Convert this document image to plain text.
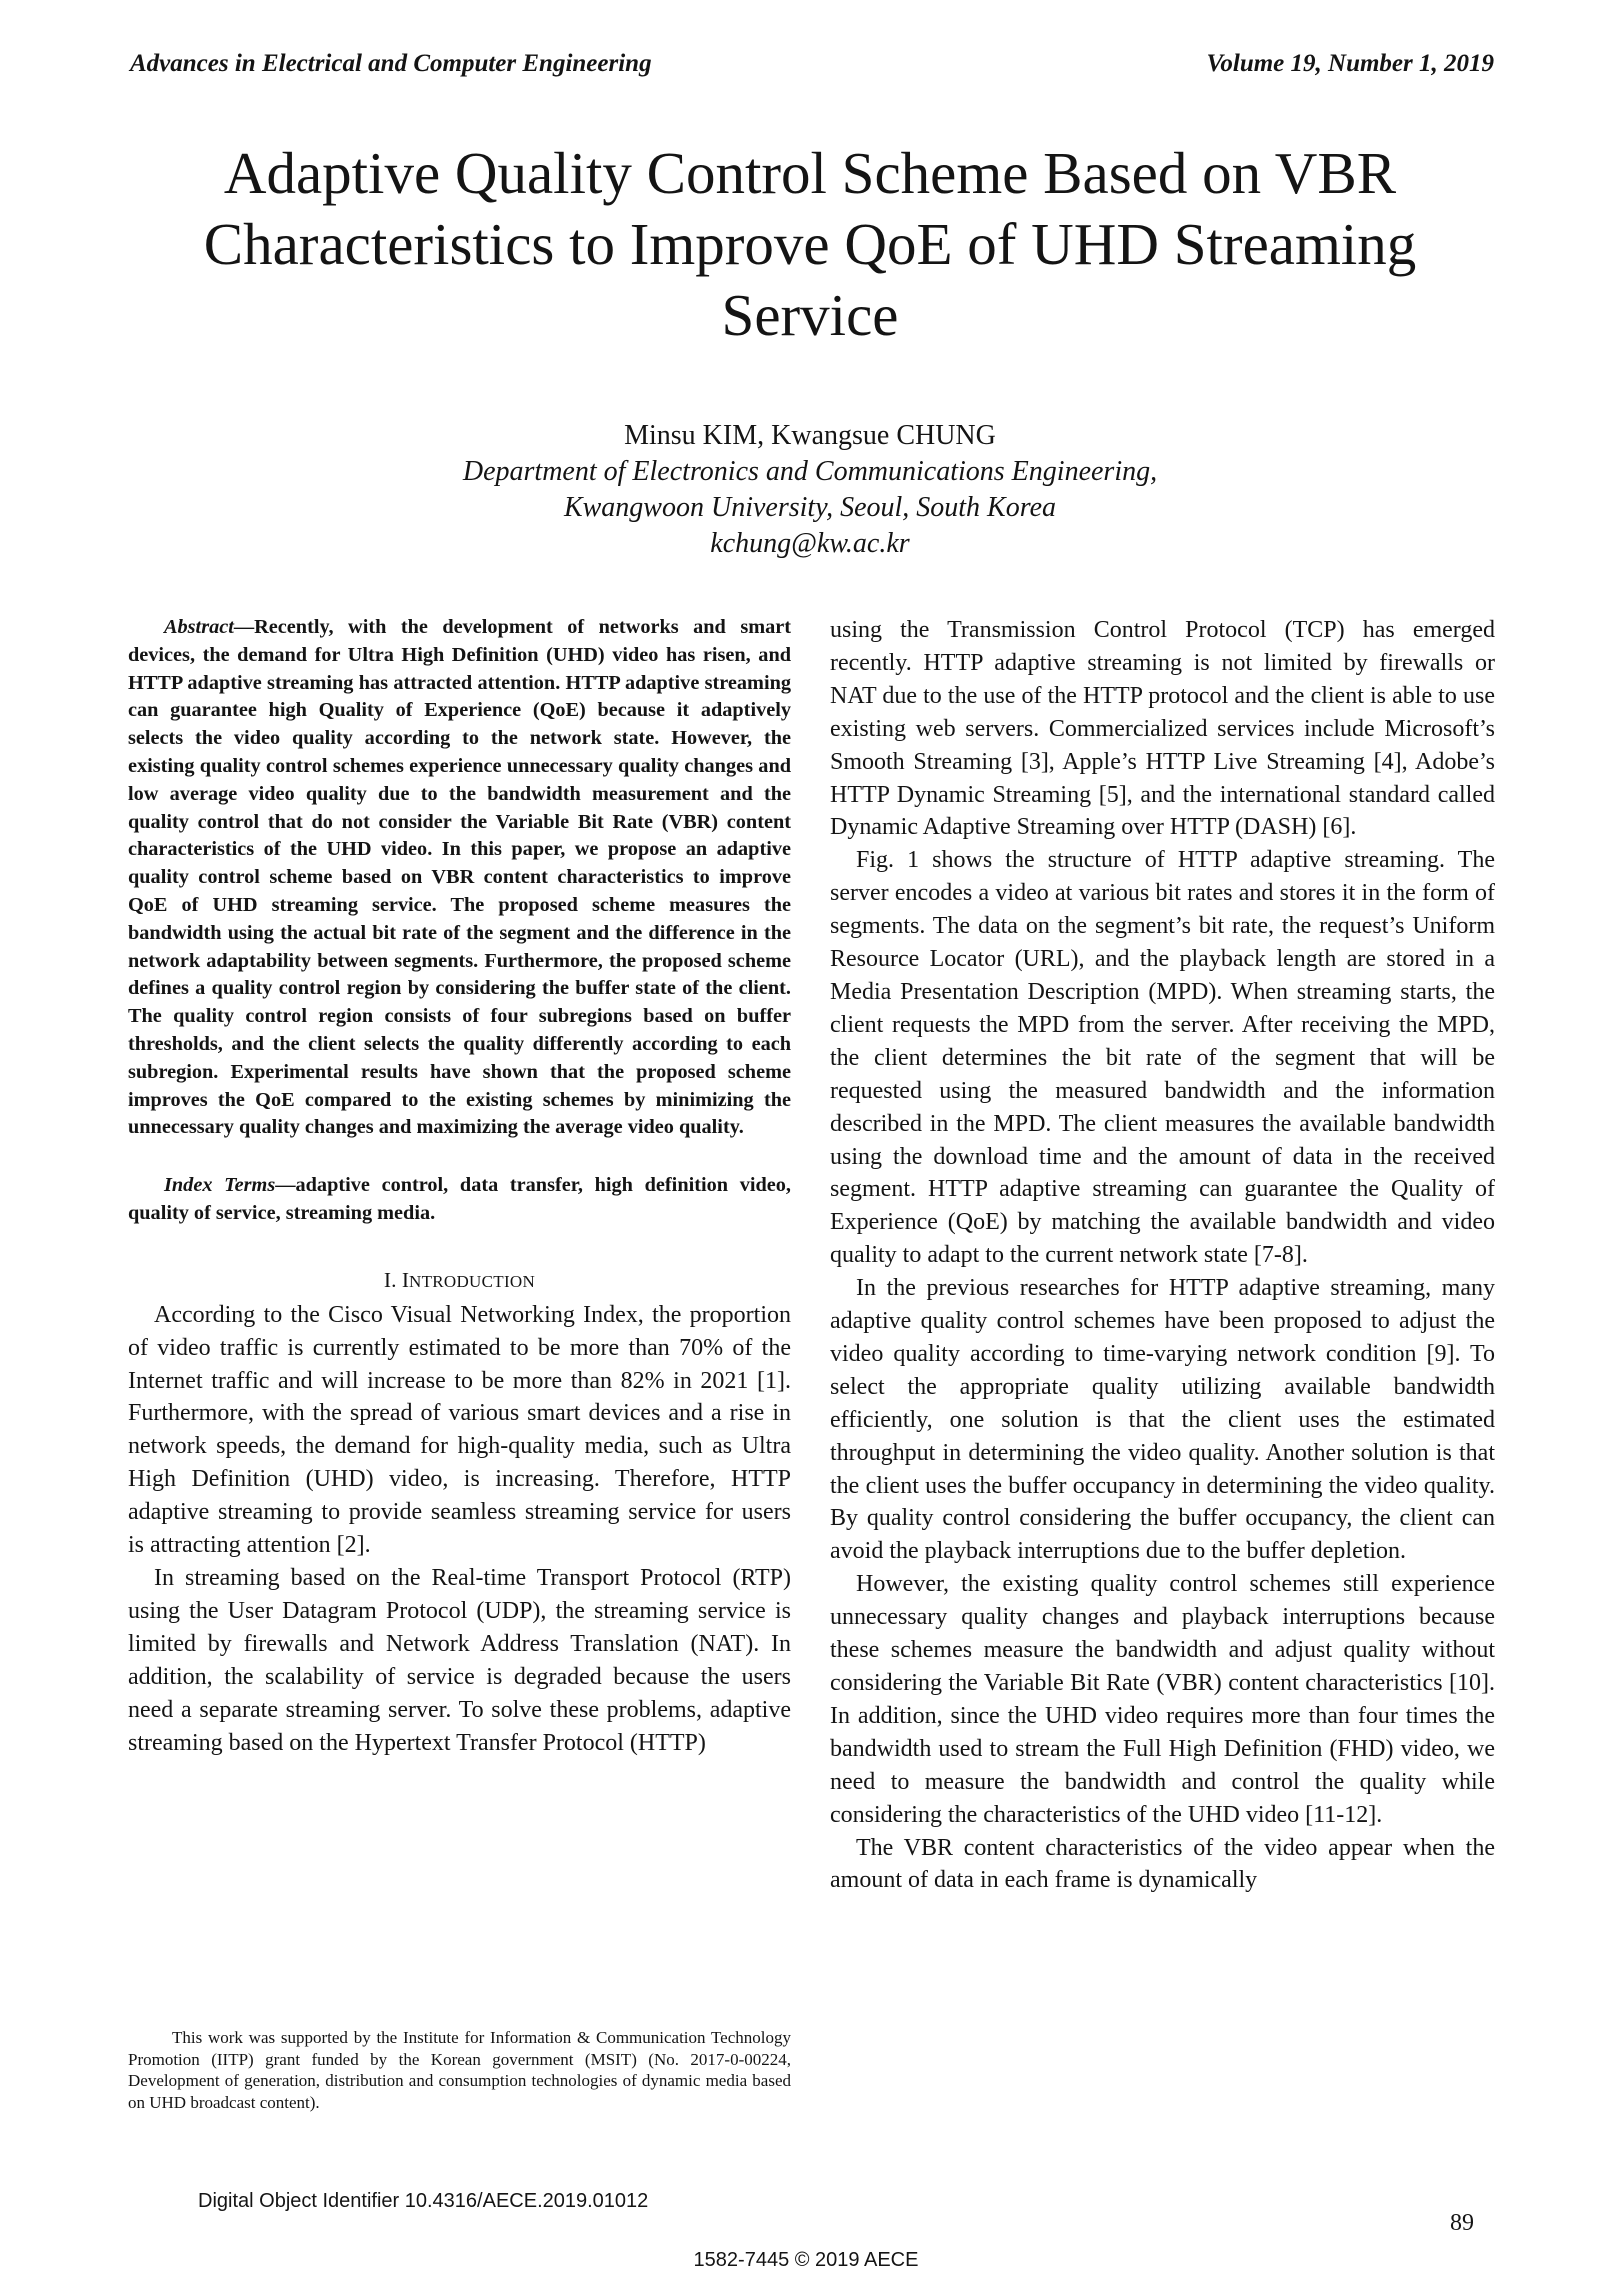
Advances in Electrical and Computer Engineering	Volume 19, Number 1, 2019
Adaptive Quality Control Scheme Based on VBR Characteristics to Improve QoE of UHD Streaming Service
Minsu KIM, Kwangsue CHUNG
Department of Electronics and Communications Engineering,
Kwangwoon University, Seoul, South Korea
kchung@kw.ac.kr

Abstract—Recently, with the development of networks and smart devices, the demand for Ultra High Definition (UHD) video has risen, and HTTP adaptive streaming has attracted attention. HTTP adaptive streaming can guarantee high Quality of Experience (QoE) because it adaptively selects the video quality according to the network state. However, the existing quality control schemes experience unnecessary quality changes and low average video quality due to the bandwidth measurement and the quality control that do not consider the Variable Bit Rate (VBR) content characteristics of the UHD video. In this paper, we propose an adaptive quality control scheme based on VBR content characteristics to improve QoE of UHD streaming service. The proposed scheme measures the bandwidth using the actual bit rate of the segment and the difference in the network adaptability between segments. Furthermore, the proposed scheme defines a quality control region by considering the buffer state of the client. The quality control region consists of four subregions based on buffer thresholds, and the client selects the quality differently according to each subregion. Experimental results have shown that the proposed scheme improves the QoE compared to the existing schemes by minimizing the unnecessary quality changes and maximizing the average video quality.

Index Terms—adaptive control, data transfer, high definition video, quality of service, streaming media.

I. INTRODUCTION

According to the Cisco Visual Networking Index, the proportion of video traffic is currently estimated to be more than 70% of the Internet traffic and will increase to be more than 82% in 2021 [1]. Furthermore, with the spread of various smart devices and a rise in network speeds, the demand for high-quality media, such as Ultra High Definition (UHD) video, is increasing. Therefore, HTTP adaptive streaming to provide seamless streaming service for users is attracting attention [2].

In streaming based on the Real-time Transport Protocol (RTP) using the User Datagram Protocol (UDP), the streaming service is limited by firewalls and Network Address Translation (NAT). In addition, the scalability of service is degraded because the users need a separate streaming server. To solve these problems, adaptive streaming based on the Hypertext Transfer Protocol (HTTP)

using the Transmission Control Protocol (TCP) has emerged recently. HTTP adaptive streaming is not limited by firewalls or NAT due to the use of the HTTP protocol and the client is able to use existing web servers. Commercialized services include Microsoft’s Smooth Streaming [3], Apple’s HTTP Live Streaming [4], Adobe’s HTTP Dynamic Streaming [5], and the international standard called Dynamic Adaptive Streaming over HTTP (DASH) [6].

Fig. 1 shows the structure of HTTP adaptive streaming. The server encodes a video at various bit rates and stores it in the form of segments. The data on the segment’s bit rate, the request’s Uniform Resource Locator (URL), and the playback length are stored in a Media Presentation Description (MPD). When streaming starts, the client requests the MPD from the server. After receiving the MPD, the client determines the bit rate of the segment that will be requested using the measured bandwidth and the information described in the MPD. The client measures the available bandwidth using the download time and the amount of data in the received segment. HTTP adaptive streaming can guarantee the Quality of Experience (QoE) by matching the available bandwidth and video quality to adapt to the current network state [7-8].

In the previous researches for HTTP adaptive streaming, many adaptive quality control schemes have been proposed to adjust the video quality according to time-varying network condition [9]. To select the appropriate quality utilizing available bandwidth efficiently, one solution is that the client uses the estimated throughput in determining the video quality. Another solution is that the client uses the buffer occupancy in determining the video quality. By quality control considering the buffer occupancy, the client can avoid the playback interruptions due to the buffer depletion.

However, the existing quality control schemes still experience unnecessary quality changes and playback interruptions because these schemes measure the bandwidth and adjust quality without considering the Variable Bit Rate (VBR) content characteristics [10]. In addition, since the UHD video requires more than four times the bandwidth used to stream the Full High Definition (FHD) video, we need to measure the bandwidth and control the quality while considering the characteristics of the UHD video [11-12].

The VBR content characteristics of the video appear when the amount of data in each frame is dynamically

This work was supported by the Institute for Information & Communication Technology Promotion (IITP) grant funded by the Korean government (MSIT) (No. 2017-0-00224, Development of generation, distribution and consumption technologies of dynamic media based on UHD broadcast content).

Digital Object Identifier 10.4316/AECE.2019.01012
89
1582-7445 © 2019 AECE
